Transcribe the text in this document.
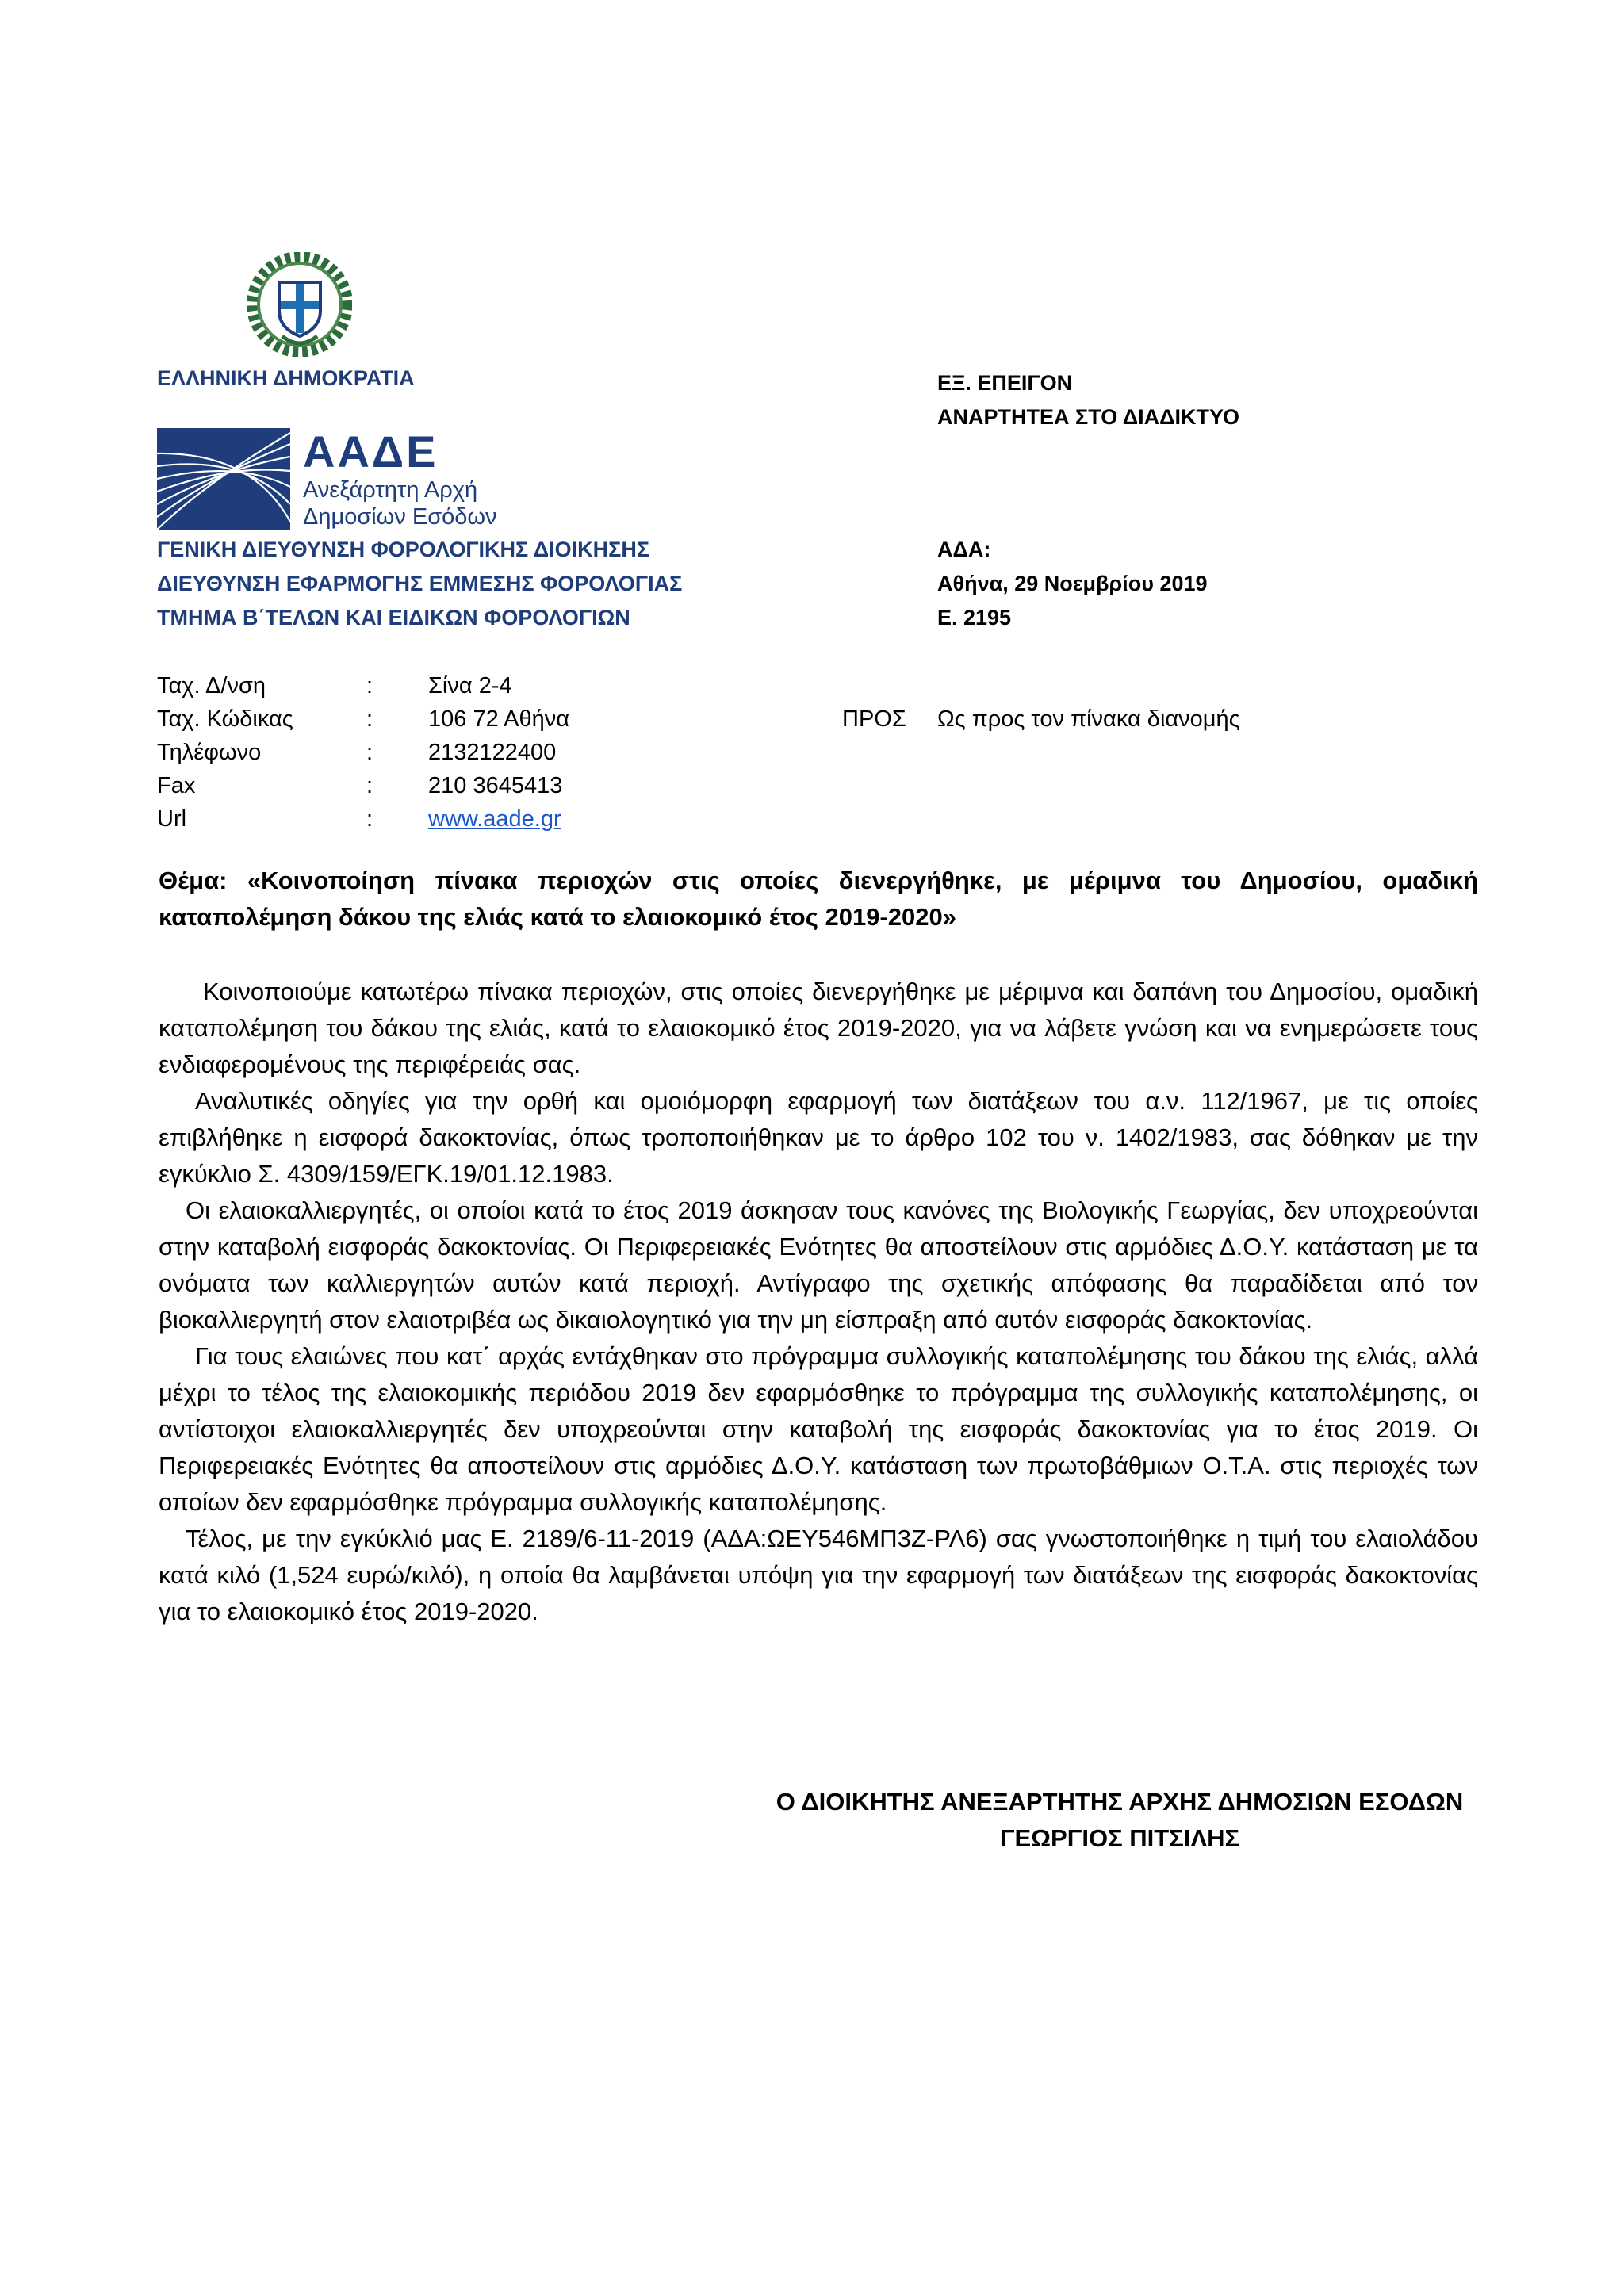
ΕΛΛΗΝΙΚΗ ΔΗΜΟΚΡΑΤΙΑ
ΑΑΔΕ
Ανεξάρτητη Αρχή
Δημοσίων Εσόδων
ΓΕΝΙΚΗ ΔΙΕΥΘΥΝΣΗ ΦΟΡΟΛΟΓΙΚΗΣ ΔΙΟΙΚΗΣΗΣ
ΔΙΕΥΘΥΝΣΗ ΕΦΑΡΜΟΓΗΣ ΕΜΜΕΣΗΣ ΦΟΡΟΛΟΓΙΑΣ
ΤΜΗΜΑ Β΄ΤΕΛΩΝ ΚΑΙ ΕΙΔΙΚΩΝ ΦΟΡΟΛΟΓΙΩΝ
ΕΞ. ΕΠΕΙΓΟΝ
ΑΝΑΡΤΗΤΕΑ ΣΤΟ ΔΙΑΔΙΚΤΥΟ
ΑΔΑ:
Αθήνα, 29 Νοεμβρίου 2019
Ε. 2195
Ταχ. Δ/νση	: Σίνα 2-4
Ταχ. Κώδικας	: 106 72 Αθήνα
Τηλέφωνο	: 2132122400
Fax	: 210 3645413
Url	: www.aade.gr
ΠΡΟΣ Ως προς τον πίνακα διανομής
Θέμα: «Κοινοποίηση πίνακα περιοχών στις οποίες διενεργήθηκε, με μέριμνα του Δημοσίου, ομαδική καταπολέμηση δάκου της ελιάς κατά το ελαιοκομικό έτος 2019-2020»

Κοινοποιούμε κατωτέρω πίνακα περιοχών, στις οποίες διενεργήθηκε με μέριμνα και δαπάνη του Δημοσίου, ομαδική καταπολέμηση του δάκου της ελιάς, κατά το ελαιοκομικό έτος 2019-2020, για να λάβετε γνώση και να ενημερώσετε τους ενδιαφερομένους της περιφέρειάς σας.

Αναλυτικές οδηγίες για την ορθή και ομοιόμορφη εφαρμογή των διατάξεων του α.ν. 112/1967, με τις οποίες επιβλήθηκε η εισφορά δακοκτονίας, όπως τροποποιήθηκαν με το άρθρο 102 του ν. 1402/1983, σας δόθηκαν με την εγκύκλιο Σ. 4309/159/ΕΓΚ.19/01.12.1983.

Οι ελαιοκαλλιεργητές, οι οποίοι κατά το έτος 2019 άσκησαν τους κανόνες της Βιολογικής Γεωργίας, δεν υποχρεούνται στην καταβολή εισφοράς δακοκτονίας. Οι Περιφερειακές Ενότητες θα αποστείλουν στις αρμόδιες Δ.Ο.Υ. κατάσταση με τα ονόματα των καλλιεργητών αυτών κατά περιοχή. Αντίγραφο της σχετικής απόφασης θα παραδίδεται από τον βιοκαλλιεργητή στον ελαιοτριβέα ως δικαιολογητικό για την μη είσπραξη από αυτόν εισφοράς δακοκτονίας.

Για τους ελαιώνες που κατ΄ αρχάς εντάχθηκαν στο πρόγραμμα συλλογικής καταπολέμησης του δάκου της ελιάς, αλλά μέχρι το τέλος της ελαιοκομικής περιόδου 2019 δεν εφαρμόσθηκε το πρόγραμμα της συλλογικής καταπολέμησης, οι αντίστοιχοι ελαιοκαλλιεργητές δεν υποχρεούνται στην καταβολή της εισφοράς δακοκτονίας για το έτος 2019. Οι Περιφερειακές Ενότητες θα αποστείλουν στις αρμόδιες Δ.Ο.Υ. κατάσταση των πρωτοβάθμιων Ο.Τ.Α. στις περιοχές των οποίων δεν εφαρμόσθηκε πρόγραμμα συλλογικής καταπολέμησης.

Τέλος, με την εγκύκλιό μας Ε. 2189/6-11-2019 (ΑΔΑ:ΩΕΥ546ΜΠ3Ζ-ΡΛ6) σας γνωστοποιήθηκε η τιμή του ελαιολάδου κατά κιλό (1,524 ευρώ/κιλό), η οποία θα λαμβάνεται υπόψη για την εφαρμογή των διατάξεων της εισφοράς δακοκτονίας για το ελαιοκομικό έτος 2019-2020.

Ο ΔΙΟΙΚΗΤΗΣ ΑΝΕΞΑΡΤΗΤΗΣ ΑΡΧΗΣ ΔΗΜΟΣΙΩΝ ΕΣΟΔΩΝ
ΓΕΩΡΓΙΟΣ ΠΙΤΣΙΛΗΣ
